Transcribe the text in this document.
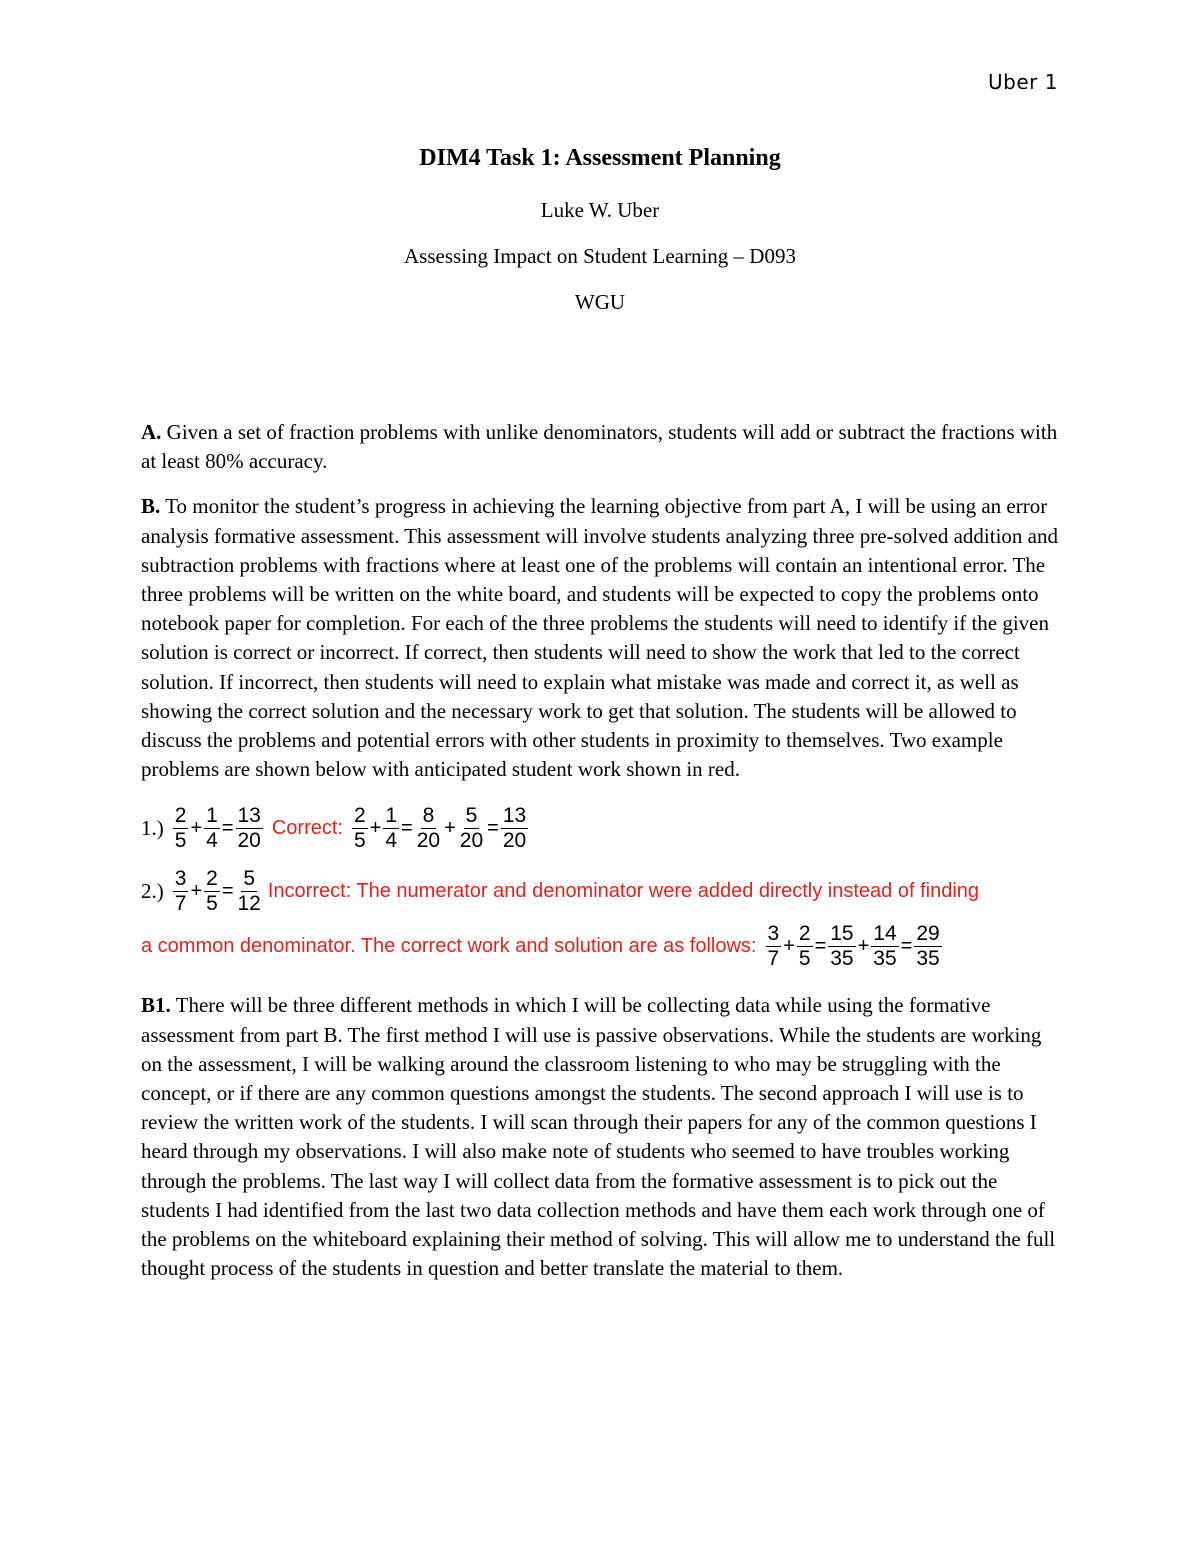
Uber 1
DIM4 Task 1: Assessment Planning
Luke W. Uber
Assessing Impact on Student Learning – D093
WGU

A. Given a set of fraction problems with unlike denominators, students will add or subtract the fractions with at least 80% accuracy.

B. To monitor the student’s progress in achieving the learning objective from part A, I will be using an error analysis formative assessment. This assessment will involve students analyzing three pre-solved addition and subtraction problems with fractions where at least one of the problems will contain an intentional error. The three problems will be written on the white board, and students will be expected to copy the problems onto notebook paper for completion. For each of the three problems the students will need to identify if the given solution is correct or incorrect. If correct, then students will need to show the work that led to the correct solution. If incorrect, then students will need to explain what mistake was made and correct it, as well as showing the correct solution and the necessary work to get that solution. The students will be allowed to discuss the problems and potential errors with other students in proximity to themselves. Two example problems are shown below with anticipated student work shown in red.

$1.) \frac{2}{5} + \frac{1}{4} = \frac{13}{20}$ Correct: $\frac{2}{5} + \frac{1}{4} = \frac{8}{20} + \frac{5}{20} = \frac{13}{20}$
$2.) \frac{3}{7} + \frac{2}{5} = \frac{5}{12}$ Incorrect: The numerator and denominator were added directly instead of finding
a common denominator. The correct work and solution are as follows: $\frac{3}{7} + \frac{2}{5} = \frac{15}{35} + \frac{14}{35} = \frac{29}{35}$

B1. There will be three different methods in which I will be collecting data while using the formative assessment from part B. The first method I will use is passive observations. While the students are working on the assessment, I will be walking around the classroom listening to who may be struggling with the concept, or if there are any common questions amongst the students. The second approach I will use is to review the written work of the students. I will scan through their papers for any of the common questions I heard through my observations. I will also make note of students who seemed to have troubles working through the problems. The last way I will collect data from the formative assessment is to pick out the students I had identified from the last two data collection methods and have them each work through one of the problems on the whiteboard explaining their method of solving. This will allow me to understand the full thought process of the students in question and better translate the material to them.
